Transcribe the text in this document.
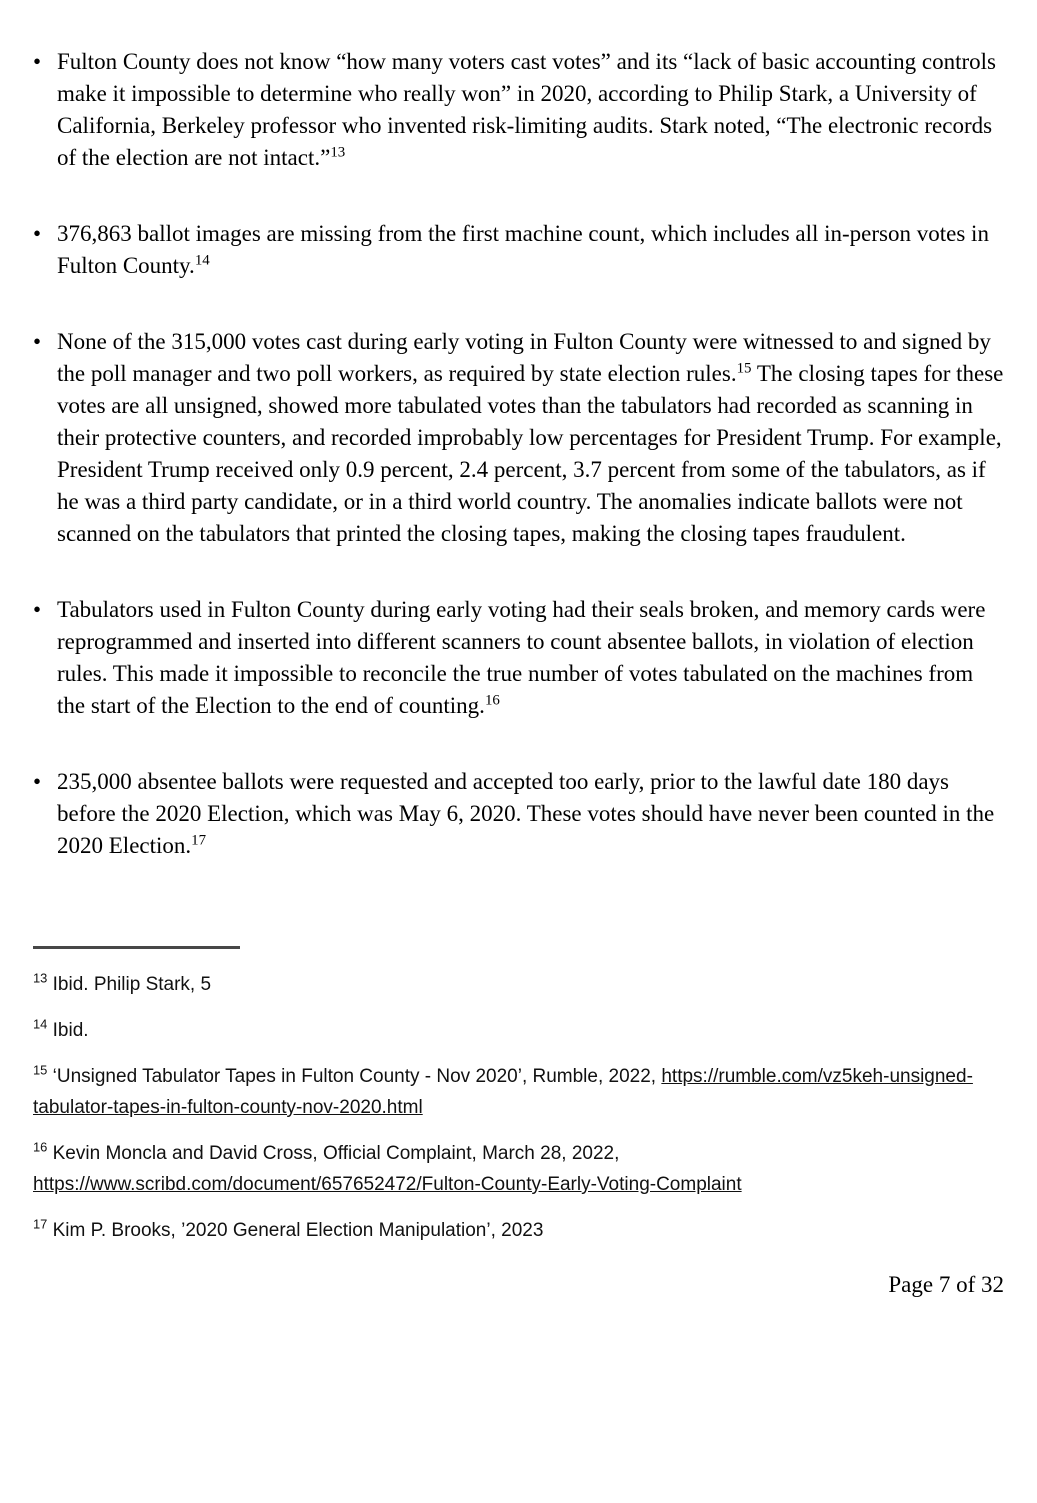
• Fulton County does not know “how many voters cast votes” and its “lack of basic accounting controls make it impossible to determine who really won” in 2020, according to Philip Stark, a University of California, Berkeley professor who invented risk-limiting audits. Stark noted, “The electronic records of the election are not intact.”$^{13}$
• 376,863 ballot images are missing from the first machine count, which includes all in-person votes in Fulton County.$^{14}$
• None of the 315,000 votes cast during early voting in Fulton County were witnessed to and signed by the poll manager and two poll workers, as required by state election rules.$^{15}$ The closing tapes for these votes are all unsigned, showed more tabulated votes than the tabulators had recorded as scanning in their protective counters, and recorded improbably low percentages for President Trump. For example, President Trump received only 0.9 percent, 2.4 percent, 3.7 percent from some of the tabulators, as if he was a third party candidate, or in a third world country. The anomalies indicate ballots were not scanned on the tabulators that printed the closing tapes, making the closing tapes fraudulent.
• Tabulators used in Fulton County during early voting had their seals broken, and memory cards were reprogrammed and inserted into different scanners to count absentee ballots, in violation of election rules. This made it impossible to reconcile the true number of votes tabulated on the machines from the start of the Election to the end of counting.$^{16}$
• 235,000 absentee ballots were requested and accepted too early, prior to the lawful date 180 days before the 2020 Election, which was May 6, 2020. These votes should have never been counted in the 2020 Election.$^{17}$

$^{13}$ Ibid. Philip Stark, 5

$^{14}$ Ibid.

$^{15}$ ‘Unsigned Tabulator Tapes in Fulton County - Nov 2020’, Rumble, 2022, https://rumble.com/vz5keh-unsigned-tabulator-tapes-in-fulton-county-nov-2020.html

$^{16}$ Kevin Moncla and David Cross, Official Complaint, March 28, 2022, https://www.scribd.com/document/657652472/Fulton-County-Early-Voting-Complaint

$^{17}$ Kim P. Brooks, ’2020 General Election Manipulation’, 2023

Page 7 of 32
